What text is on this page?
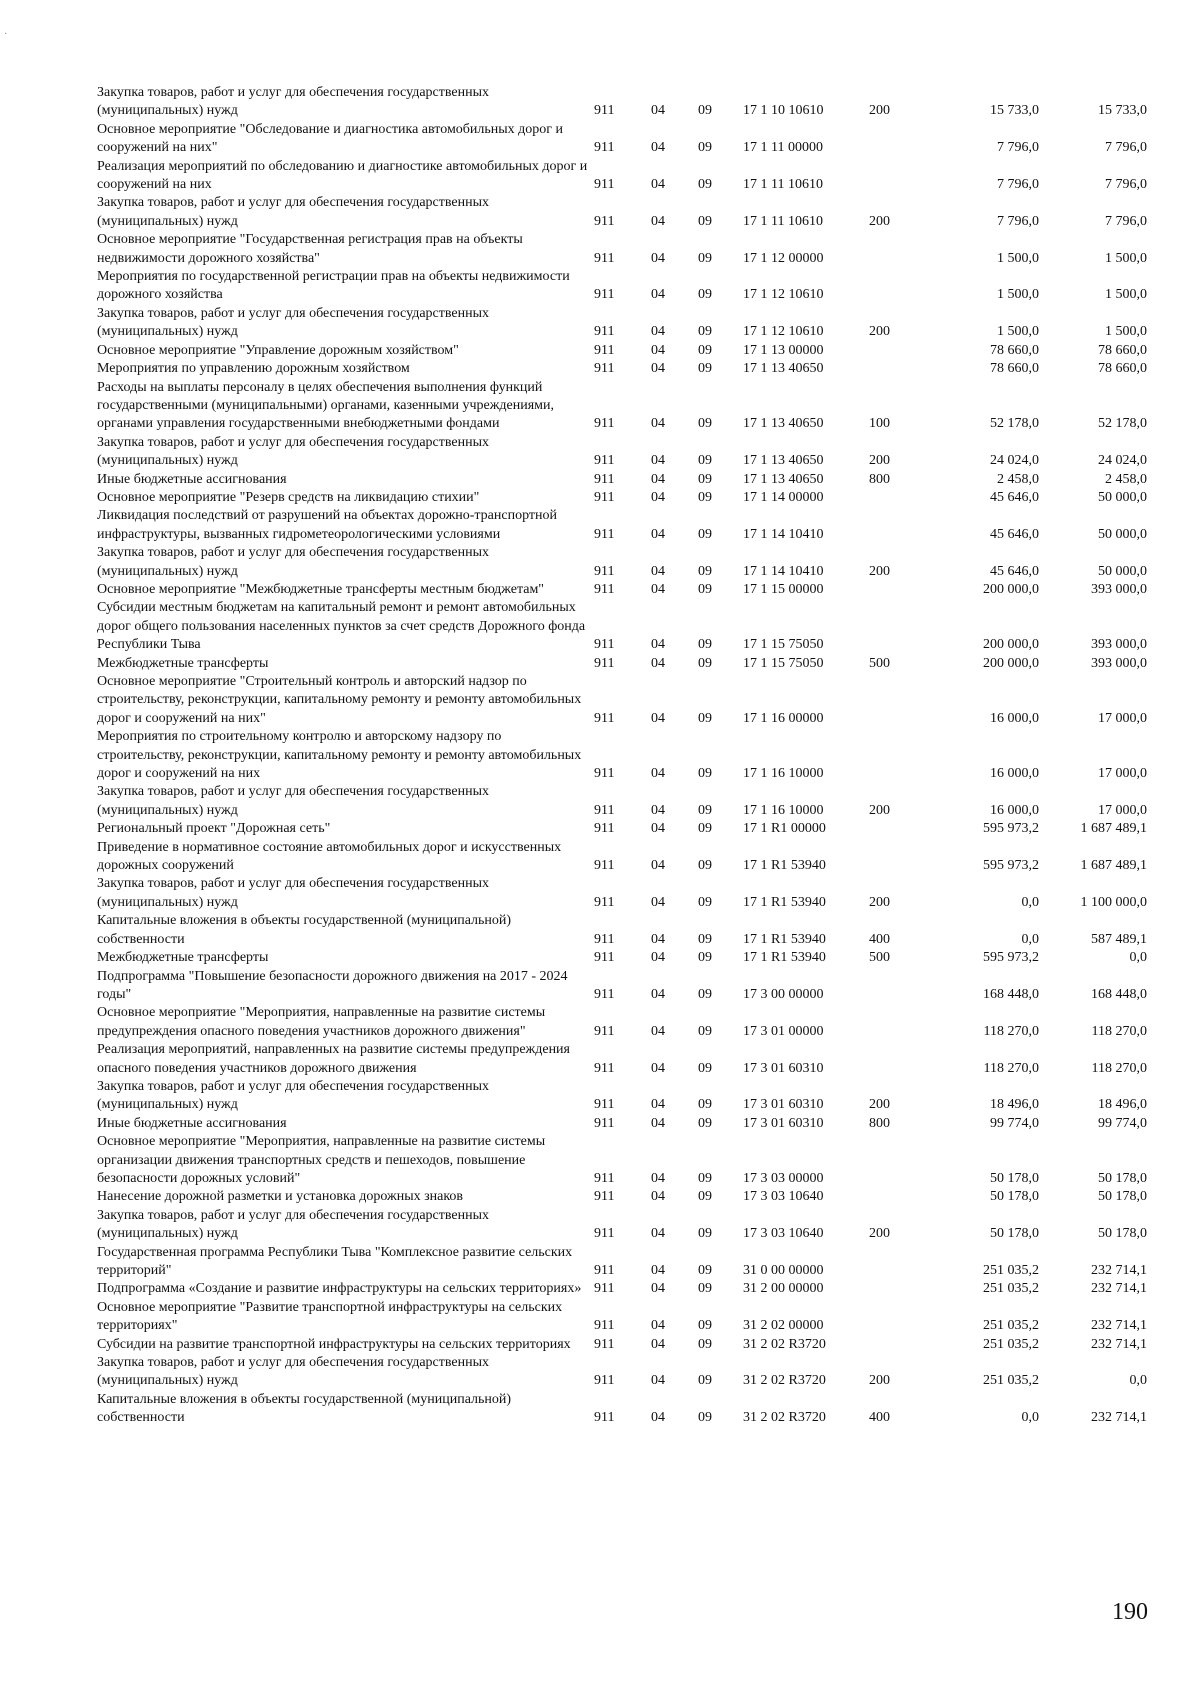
·
Закупка товаров, работ и услуг для обеспечения государственных (муниципальных) нужд	911	04	09	17 1 10 10610	200	15 733,0	15 733,0
Основное мероприятие "Обследование и диагностика автомобильных дорог и сооружений на них"	911	04	09	17 1 11 00000		7 796,0	7 796,0
Реализация мероприятий по обследованию и диагностике автомобильных дорог и сооружений на них	911	04	09	17 1 11 10610		7 796,0	7 796,0
Закупка товаров, работ и услуг для обеспечения государственных (муниципальных) нужд	911	04	09	17 1 11 10610	200	7 796,0	7 796,0
Основное мероприятие "Государственная регистрация прав на объекты недвижимости дорожного хозяйства"	911	04	09	17 1 12 00000		1 500,0	1 500,0
Мероприятия по государственной регистрации прав на объекты недвижимости дорожного хозяйства	911	04	09	17 1 12 10610		1 500,0	1 500,0
Закупка товаров, работ и услуг для обеспечения государственных (муниципальных) нужд	911	04	09	17 1 12 10610	200	1 500,0	1 500,0
Основное мероприятие "Управление дорожным хозяйством"	911	04	09	17 1 13 00000		78 660,0	78 660,0
Мероприятия по управлению дорожным хозяйством	911	04	09	17 1 13 40650		78 660,0	78 660,0
Расходы на выплаты персоналу в целях обеспечения выполнения функций государственными (муниципальными) органами, казенными учреждениями, органами управления государственными внебюджетными фондами	911	04	09	17 1 13 40650	100	52 178,0	52 178,0
Закупка товаров, работ и услуг для обеспечения государственных (муниципальных) нужд	911	04	09	17 1 13 40650	200	24 024,0	24 024,0
Иные бюджетные ассигнования	911	04	09	17 1 13 40650	800	2 458,0	2 458,0
Основное мероприятие "Резерв средств на ликвидацию стихии"	911	04	09	17 1 14 00000		45 646,0	50 000,0
Ликвидация последствий от разрушений на объектах дорожно-транспортной инфраструктуры, вызванных гидрометеорологическими условиями	911	04	09	17 1 14 10410		45 646,0	50 000,0
Закупка товаров, работ и услуг для обеспечения государственных (муниципальных) нужд	911	04	09	17 1 14 10410	200	45 646,0	50 000,0
Основное мероприятие "Межбюджетные трансферты местным бюджетам"	911	04	09	17 1 15 00000		200 000,0	393 000,0
Субсидии местным бюджетам на капитальный ремонт и ремонт автомобильных дорог общего пользования населенных пунктов за счет средств Дорожного фонда Республики Тыва	911	04	09	17 1 15 75050		200 000,0	393 000,0
Межбюджетные трансферты	911	04	09	17 1 15 75050	500	200 000,0	393 000,0
Основное мероприятие "Строительный контроль и авторский надзор по строительству, реконструкции, капитальному ремонту и ремонту автомобильных дорог и сооружений на них"	911	04	09	17 1 16 00000		16 000,0	17 000,0
Мероприятия по строительному контролю и авторскому надзору по строительству, реконструкции, капитальному ремонту и ремонту автомобильных дорог и сооружений на них	911	04	09	17 1 16 10000		16 000,0	17 000,0
Закупка товаров, работ и услуг для обеспечения государственных (муниципальных) нужд	911	04	09	17 1 16 10000	200	16 000,0	17 000,0
Региональный проект "Дорожная сеть"	911	04	09	17 1 R1 00000		595 973,2	1 687 489,1
Приведение в нормативное состояние автомобильных дорог и искусственных дорожных сооружений	911	04	09	17 1 R1 53940		595 973,2	1 687 489,1
Закупка товаров, работ и услуг для обеспечения государственных (муниципальных) нужд	911	04	09	17 1 R1 53940	200	0,0	1 100 000,0
Капитальные вложения в объекты государственной (муниципальной) собственности	911	04	09	17 1 R1 53940	400	0,0	587 489,1
Межбюджетные трансферты	911	04	09	17 1 R1 53940	500	595 973,2	0,0
Подпрограмма "Повышение безопасности дорожного движения на 2017 - 2024 годы"	911	04	09	17 3 00 00000		168 448,0	168 448,0
Основное мероприятие "Мероприятия, направленные на развитие системы предупреждения опасного поведения участников дорожного движения"	911	04	09	17 3 01 00000		118 270,0	118 270,0
Реализация мероприятий, направленных на развитие системы предупреждения опасного поведения участников дорожного движения	911	04	09	17 3 01 60310		118 270,0	118 270,0
Закупка товаров, работ и услуг для обеспечения государственных (муниципальных) нужд	911	04	09	17 3 01 60310	200	18 496,0	18 496,0
Иные бюджетные ассигнования	911	04	09	17 3 01 60310	800	99 774,0	99 774,0
Основное мероприятие "Мероприятия, направленные на развитие системы организации движения транспортных средств и пешеходов, повышение безопасности дорожных условий"	911	04	09	17 3 03 00000		50 178,0	50 178,0
Нанесение дорожной разметки и установка дорожных знаков	911	04	09	17 3 03 10640		50 178,0	50 178,0
Закупка товаров, работ и услуг для обеспечения государственных (муниципальных) нужд	911	04	09	17 3 03 10640	200	50 178,0	50 178,0
Государственная программа Республики Тыва "Комплексное развитие сельских территорий"	911	04	09	31 0 00 00000		251 035,2	232 714,1
Подпрограмма «Создание и развитие инфраструктуры на сельских территориях»	911	04	09	31 2 00 00000		251 035,2	232 714,1
Основное мероприятие "Развитие транспортной инфраструктуры на сельских территориях"	911	04	09	31 2 02 00000		251 035,2	232 714,1
Субсидии на развитие транспортной инфраструктуры на сельских территориях	911	04	09	31 2 02 R3720		251 035,2	232 714,1
Закупка товаров, работ и услуг для обеспечения государственных (муниципальных) нужд	911	04	09	31 2 02 R3720	200	251 035,2	0,0
Капитальные вложения в объекты государственной (муниципальной) собственности	911	04	09	31 2 02 R3720	400	0,0	232 714,1
190
